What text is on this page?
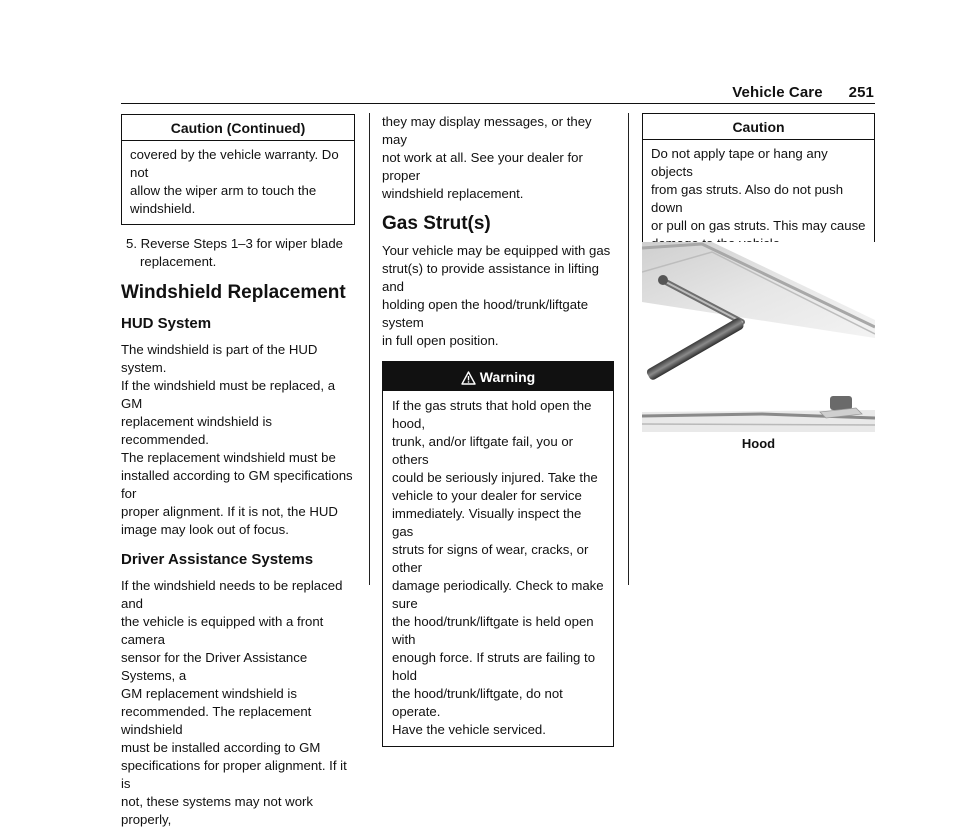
Vehicle Care 251
Caution (Continued)

covered by the vehicle warranty. Do not

allow the wiper arm to touch the

windshield.

5. Reverse Steps 1–3 for wiper blade

replacement.

Windshield Replacement
HUD System

The windshield is part of the HUD system.

If the windshield must be replaced, a GM

replacement windshield is recommended.

The replacement windshield must be

installed according to GM specifications for

proper alignment. If it is not, the HUD

image may look out of focus.

Driver Assistance Systems

If the windshield needs to be replaced and

the vehicle is equipped with a front camera

sensor for the Driver Assistance Systems, a

GM replacement windshield is

recommended. The replacement windshield

must be installed according to GM

specifications for proper alignment. If it is

not, these systems may not work properly,

they may display messages, or they may

not work at all. See your dealer for proper

windshield replacement.

Gas Strut(s)

Your vehicle may be equipped with gas

strut(s) to provide assistance in lifting and

holding open the hood/trunk/liftgate system

in full open position.

Warning

If the gas struts that hold open the hood,

trunk, and/or liftgate fail, you or others

could be seriously injured. Take the

vehicle to your dealer for service

immediately. Visually inspect the gas

struts for signs of wear, cracks, or other

damage periodically. Check to make sure

the hood/trunk/liftgate is held open with

enough force. If struts are failing to hold

the hood/trunk/liftgate, do not operate.

Have the vehicle serviced.

Caution

Do not apply tape or hang any objects

from gas struts. Also do not push down

or pull on gas struts. This may cause

Hood
